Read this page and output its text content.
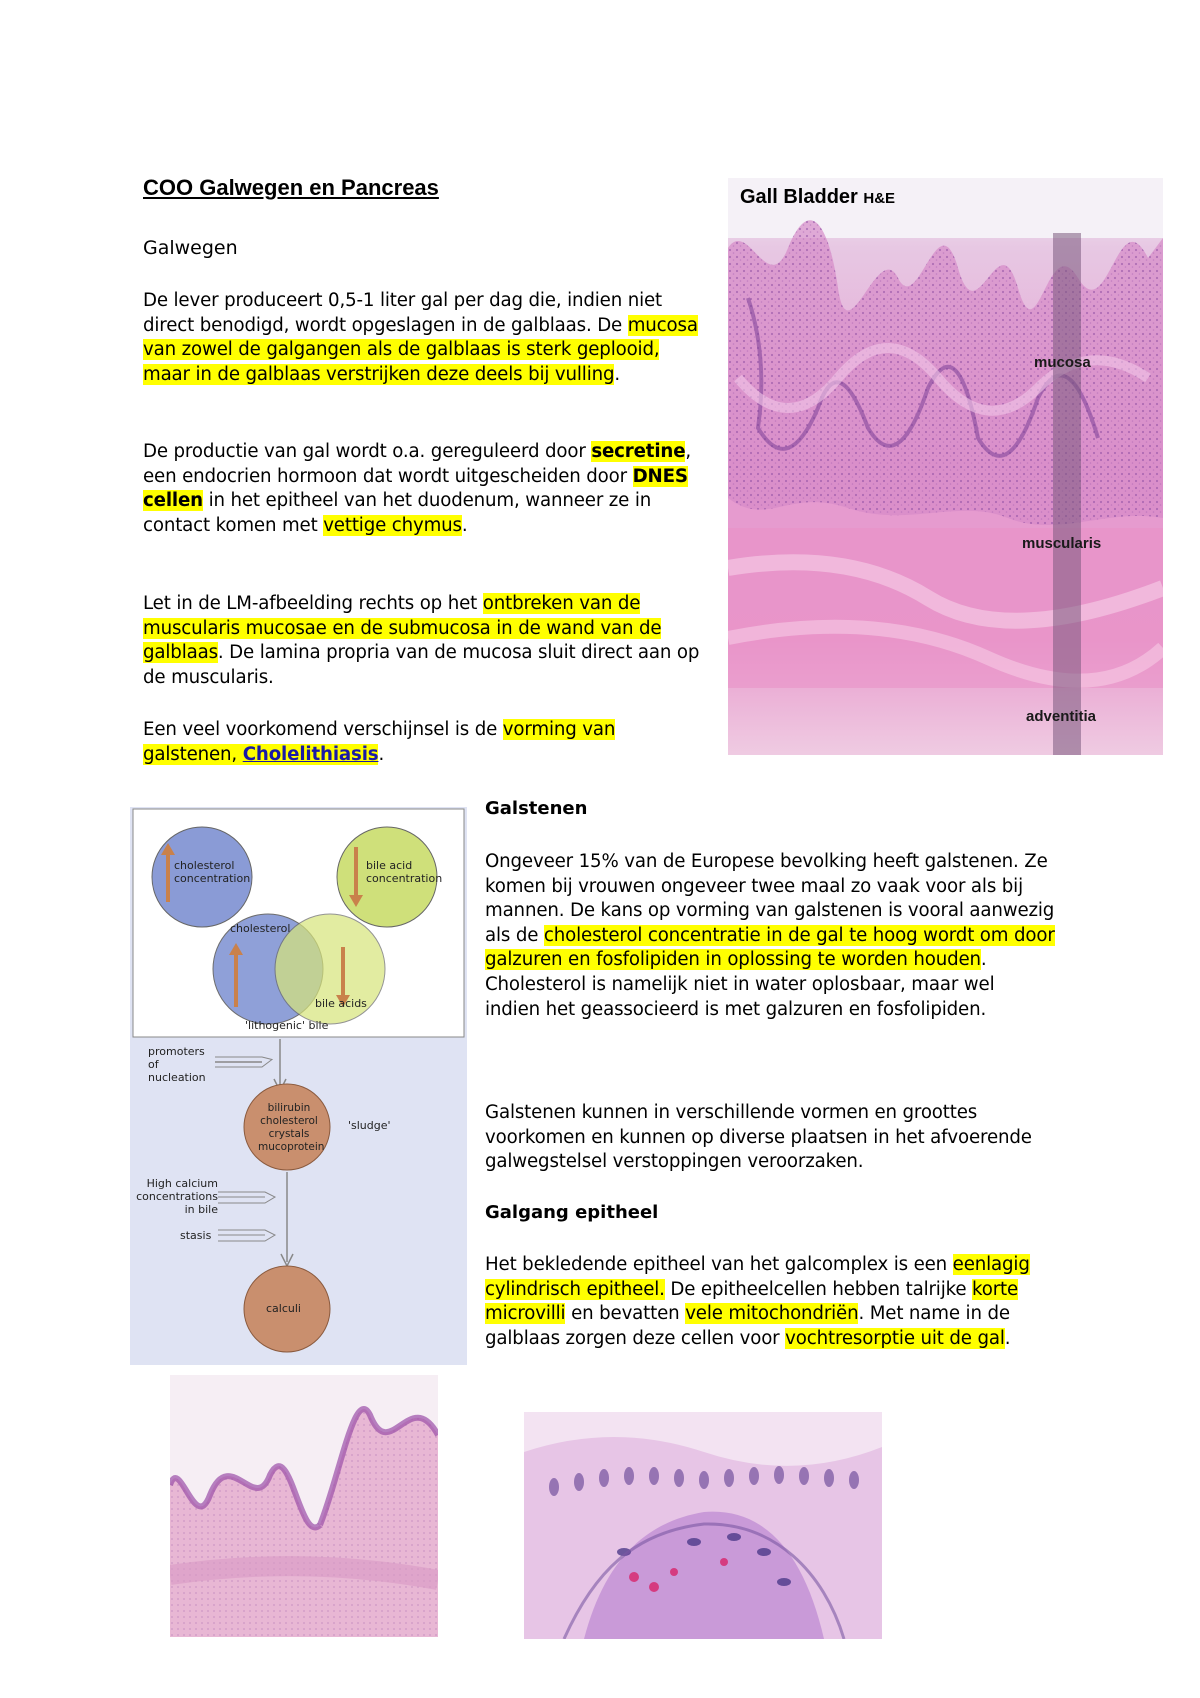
COO Galwegen en Pancreas
Galwegen
De lever produceert 0,5-1 liter gal per dag die, indien niet direct benodigd, wordt opgeslagen in de galblaas. De mucosa van zowel de galgangen als de galblaas is sterk geplooid, maar in de galblaas verstrijken deze deels bij vulling.
De productie van gal wordt o.a. gereguleerd door secretine, een endocrien hormoon dat wordt uitgescheiden door DNES cellen in het epitheel van het duodenum, wanneer ze in contact komen met vettige chymus.
Let in de LM-afbeelding rechts op het ontbreken van de muscularis mucosae en de submucosa in de wand van de galblaas. De lamina propria van de mucosa sluit direct aan op de muscularis.
Een veel voorkomend verschijnsel is de vorming van galstenen, Cholelithiasis.
Gall Bladder H&E
mucosa
muscularis
adventitia
cholesterol concentration
bile acid concentration
cholesterol
bile acids
'lithogenic' bile
promoters of nucleation
bilirubin cholesterol crystals mucoprotein
'sludge'
High calcium concentrations in bile
stasis
calculi
Galstenen
Ongeveer 15% van de Europese bevolking heeft galstenen. Ze komen bij vrouwen ongeveer twee maal zo vaak voor als bij mannen. De kans op vorming van galstenen is vooral aanwezig als de cholesterol concentratie in de gal te hoog wordt om door galzuren en fosfolipiden in oplossing te worden houden. Cholesterol is namelijk niet in water oplosbaar, maar wel indien het geassocieerd is met galzuren en fosfolipiden.
Galstenen kunnen in verschillende vormen en groottes voorkomen en kunnen op diverse plaatsen in het afvoerende galwegstelsel verstoppingen veroorzaken.
Galgang epitheel
Het bekledende epitheel van het galcomplex is een eenlagig cylindrisch epitheel. De epitheelcellen hebben talrijke korte microvilli en bevatten vele mitochondriën. Met name in de galblaas zorgen deze cellen voor vochtresorptie uit de gal.
